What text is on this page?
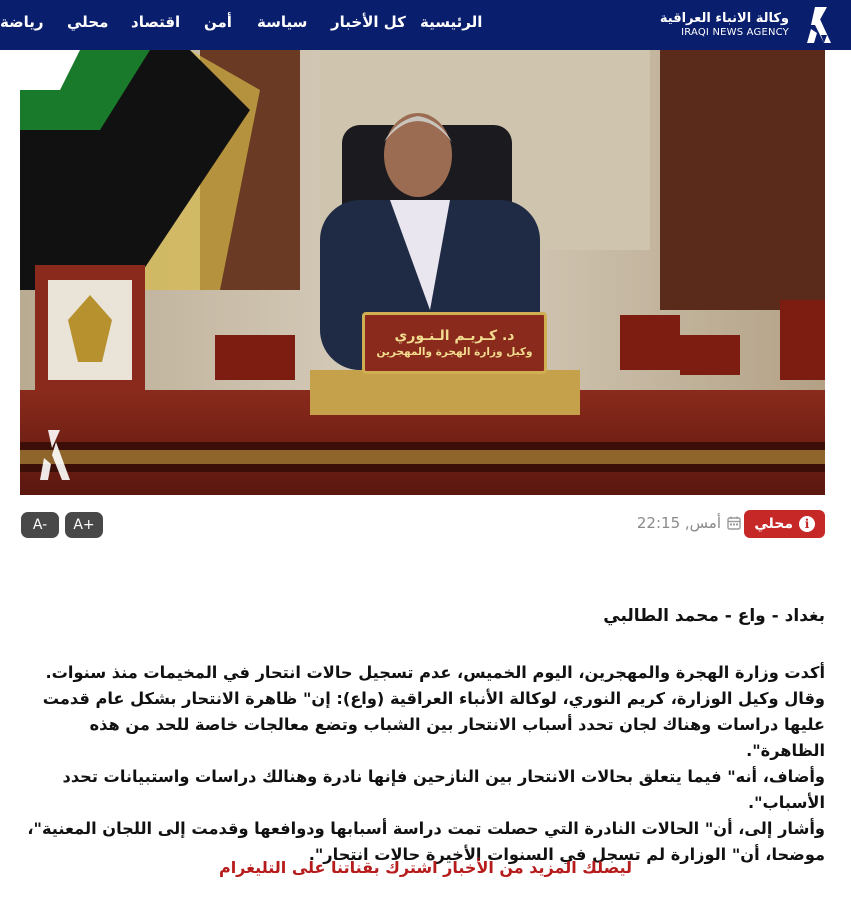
وكالة الانباء العراقية
IRAQI NEWS AGENCY
الرئيسية
كل الأخبار
سياسة
أمن
اقتصاد
محلي
رياضة
د. كـريـم الـنـوري
وكيل وزارة الهجرة والمهجرين
i
محلي
أمس, 22:15
A+
A-
بغداد - واع - محمد الطالبي

أكدت وزارة الهجرة والمهجرين، اليوم الخميس، عدم تسجيل حالات انتحار في المخيمات منذ سنوات.

وقال وكيل الوزارة، كريم النوري، لوكالة الأنباء العراقية (واع): إن" ظاهرة الانتحار بشكل عام قدمت عليها دراسات وهناك لجان تحدد أسباب الانتحار بين الشباب وتضع معالجات خاصة للحد من هذه الظاهرة".

وأضاف، أنه" فيما يتعلق بحالات الانتحار بين النازحين فإنها نادرة وهنالك دراسات واستبيانات تحدد الأسباب".

وأشار إلى، أن" الحالات النادرة التي حصلت تمت دراسة أسبابها ودوافعها وقدمت إلى اللجان المعنية"، موضحا، أن" الوزارة لم تسجل في السنوات الأخيرة حالات انتحار".

ليصلك المزيد من الأخبار اشترك بقناتنا على التليغرام
